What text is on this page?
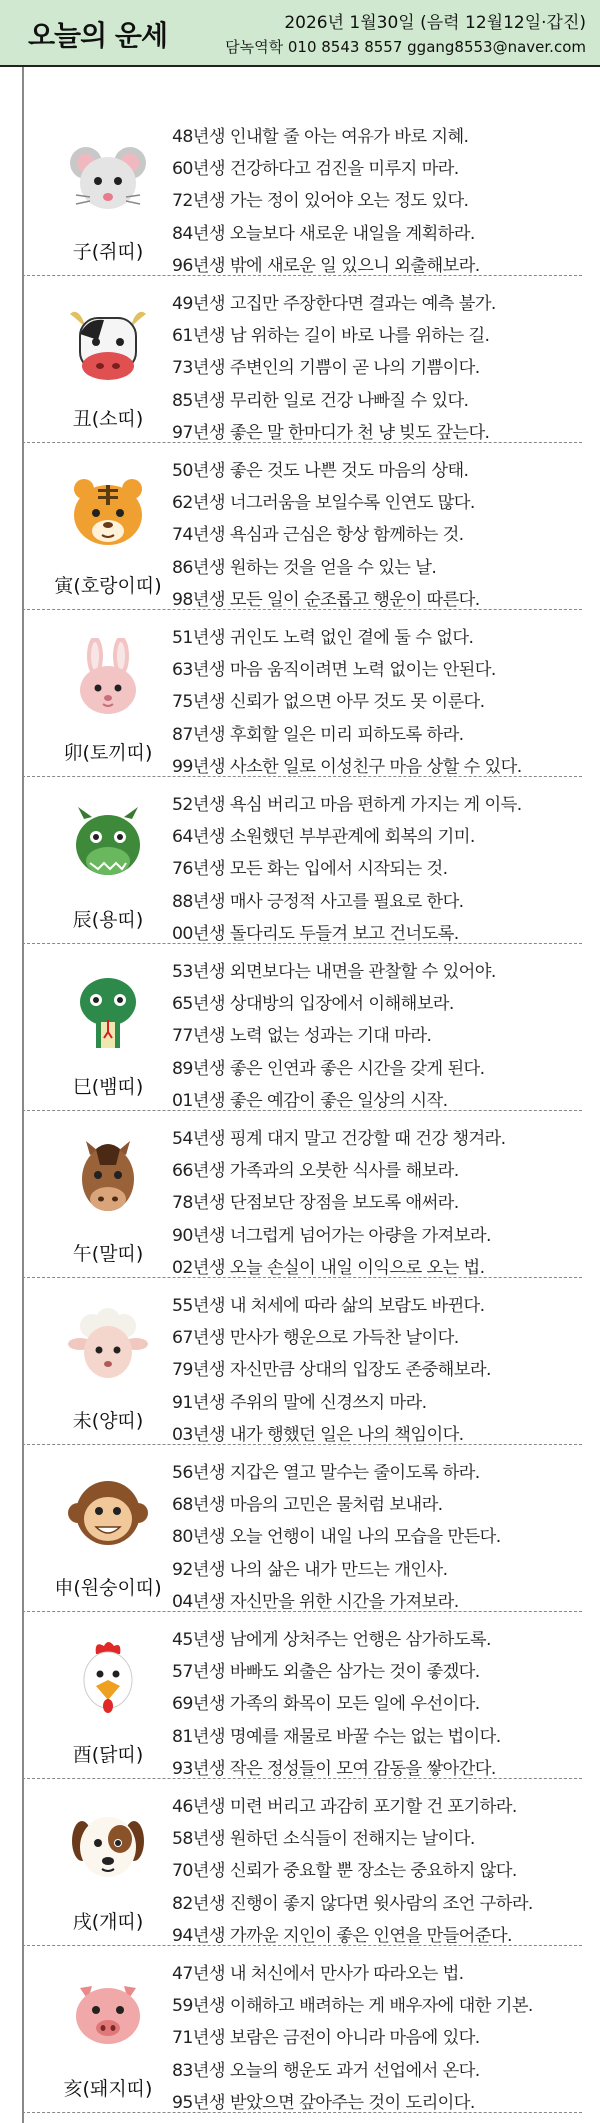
오늘의 운세	2026년 1월30일 (음력 12월12일·갑진)
담녹역학 010 8543 8557 ggang8553@naver.com
子(쥐띠)
48년생 인내할 줄 아는 여유가 바로 지혜.
60년생 건강하다고 검진을 미루지 마라.
72년생 가는 정이 있어야 오는 정도 있다.
84년생 오늘보다 새로운 내일을 계획하라.
96년생 밖에 새로운 일 있으니 외출해보라.
丑(소띠)
49년생 고집만 주장한다면 결과는 예측 불가.
61년생 남 위하는 길이 바로 나를 위하는 길.
73년생 주변인의 기쁨이 곧 나의 기쁨이다.
85년생 무리한 일로 건강 나빠질 수 있다.
97년생 좋은 말 한마디가 천 냥 빚도 갚는다.
寅(호랑이띠)
50년생 좋은 것도 나쁜 것도 마음의 상태.
62년생 너그러움을 보일수록 인연도 많다.
74년생 욕심과 근심은 항상 함께하는 것.
86년생 원하는 것을 얻을 수 있는 날.
98년생 모든 일이 순조롭고 행운이 따른다.
卯(토끼띠)
51년생 귀인도 노력 없인 곁에 둘 수 없다.
63년생 마음 움직이려면 노력 없이는 안된다.
75년생 신뢰가 없으면 아무 것도 못 이룬다.
87년생 후회할 일은 미리 피하도록 하라.
99년생 사소한 일로 이성친구 마음 상할 수 있다.
辰(용띠)
52년생 욕심 버리고 마음 편하게 가지는 게 이득.
64년생 소원했던 부부관계에 회복의 기미.
76년생 모든 화는 입에서 시작되는 것.
88년생 매사 긍정적 사고를 필요로 한다.
00년생 돌다리도 두들겨 보고 건너도록.
巳(뱀띠)
53년생 외면보다는 내면을 관찰할 수 있어야.
65년생 상대방의 입장에서 이해해보라.
77년생 노력 없는 성과는 기대 마라.
89년생 좋은 인연과 좋은 시간을 갖게 된다.
01년생 좋은 예감이 좋은 일상의 시작.
午(말띠)
54년생 핑계 대지 말고 건강할 때 건강 챙겨라.
66년생 가족과의 오붓한 식사를 해보라.
78년생 단점보단 장점을 보도록 애써라.
90년생 너그럽게 넘어가는 아량을 가져보라.
02년생 오늘 손실이 내일 이익으로 오는 법.
未(양띠)
55년생 내 처세에 따라 삶의 보람도 바뀐다.
67년생 만사가 행운으로 가득찬 날이다.
79년생 자신만큼 상대의 입장도 존중해보라.
91년생 주위의 말에 신경쓰지 마라.
03년생 내가 행했던 일은 나의 책임이다.
申(원숭이띠)
56년생 지갑은 열고 말수는 줄이도록 하라.
68년생 마음의 고민은 물처럼 보내라.
80년생 오늘 언행이 내일 나의 모습을 만든다.
92년생 나의 삶은 내가 만드는 개인사.
04년생 자신만을 위한 시간을 가져보라.
酉(닭띠)
45년생 남에게 상처주는 언행은 삼가하도록.
57년생 바빠도 외출은 삼가는 것이 좋겠다.
69년생 가족의 화목이 모든 일에 우선이다.
81년생 명예를 재물로 바꿀 수는 없는 법이다.
93년생 작은 정성들이 모여 감동을 쌓아간다.
戌(개띠)
46년생 미련 버리고 과감히 포기할 건 포기하라.
58년생 원하던 소식들이 전해지는 날이다.
70년생 신뢰가 중요할 뿐 장소는 중요하지 않다.
82년생 진행이 좋지 않다면 윗사람의 조언 구하라.
94년생 가까운 지인이 좋은 인연을 만들어준다.
亥(돼지띠)
47년생 내 처신에서 만사가 따라오는 법.
59년생 이해하고 배려하는 게 배우자에 대한 기본.
71년생 보람은 금전이 아니라 마음에 있다.
83년생 오늘의 행운도 과거 선업에서 온다.
95년생 받았으면 갚아주는 것이 도리이다.
